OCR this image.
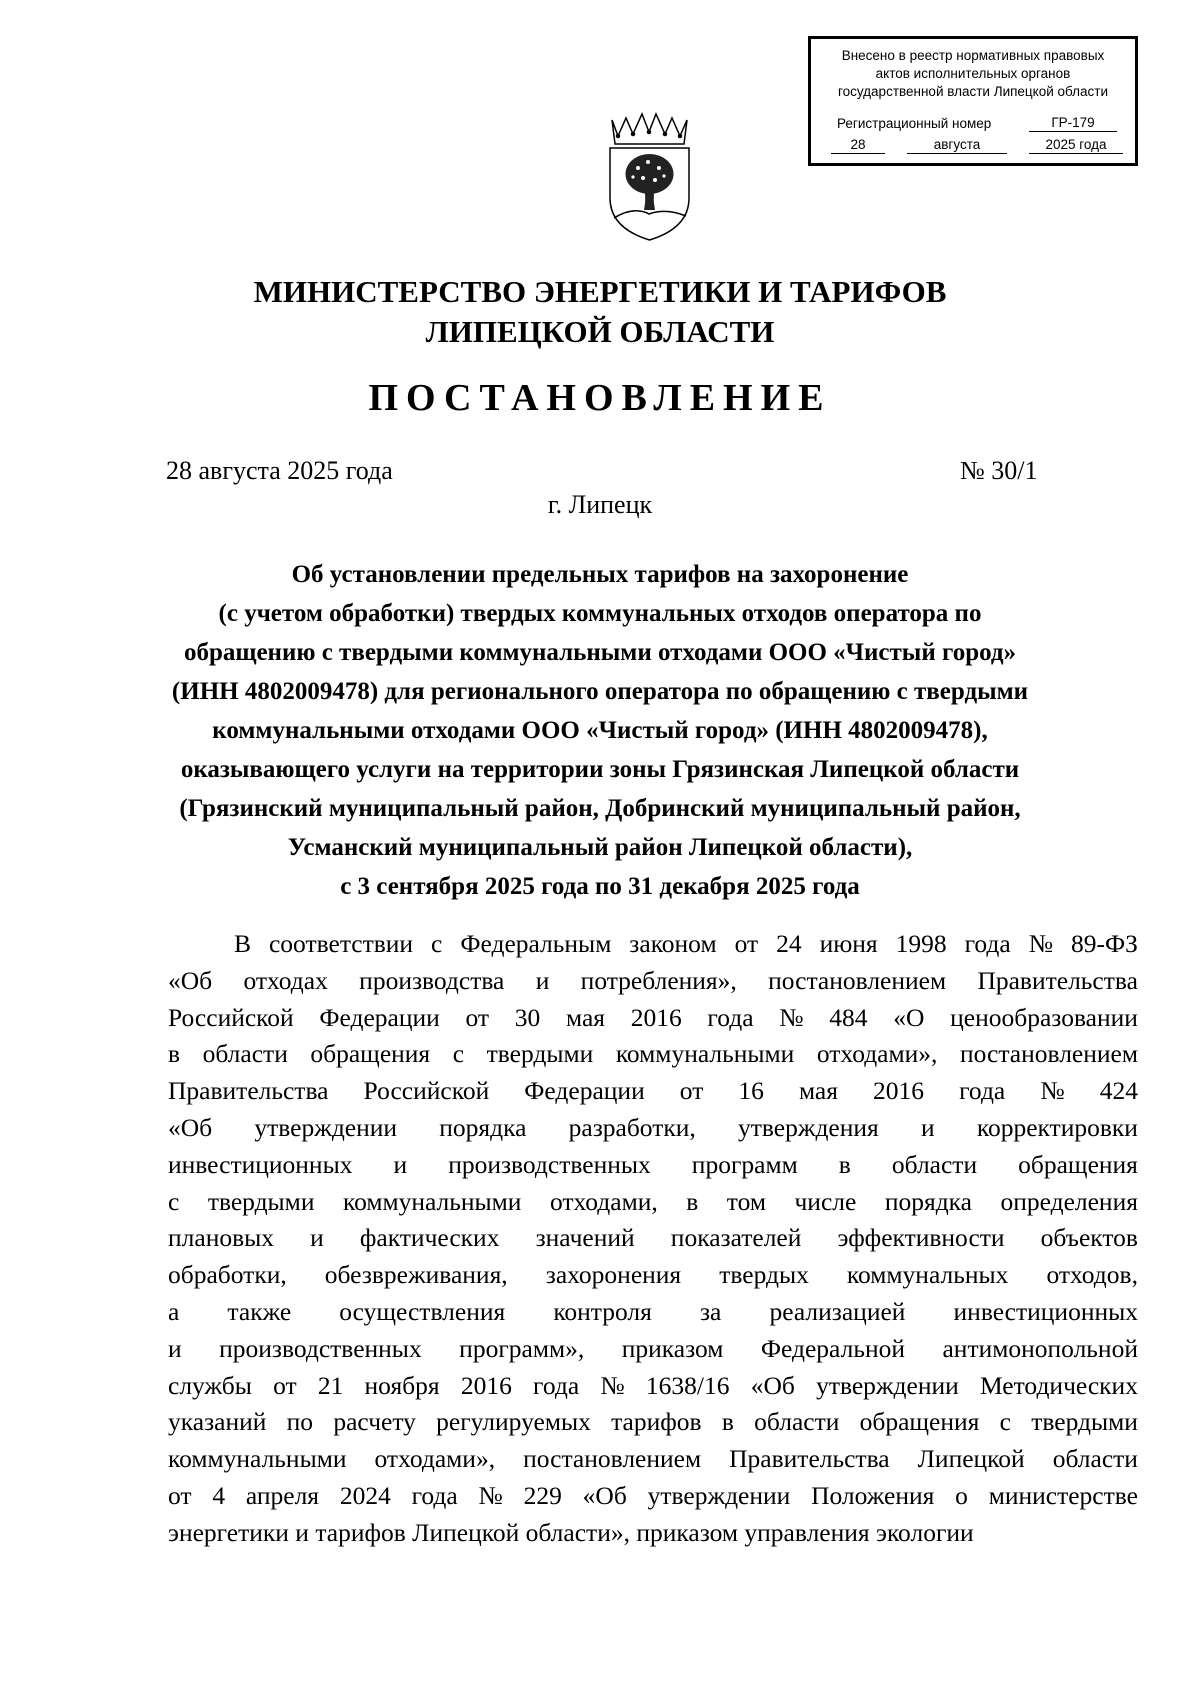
Внесено в реестр нормативных правовых
актов исполнительных органов
государственной власти Липецкой области
Регистрационный номер	ГР-179
28	августа	2025 года
МИНИСТЕРСТВО ЭНЕРГЕТИКИ И ТАРИФОВ
ЛИПЕЦКОЙ ОБЛАСТИ
ПОСТАНОВЛЕНИЕ
28 августа 2025 года	№ 30/1
г. Липецк
Об установлении предельных тарифов на захоронение
(с учетом обработки) твердых коммунальных отходов оператора по
обращению с твердыми коммунальными отходами ООО «Чистый город»
(ИНН 4802009478) для регионального оператора по обращению с твердыми
коммунальными отходами ООО «Чистый город» (ИНН 4802009478),
оказывающего услуги на территории зоны Грязинская Липецкой области
(Грязинский муниципальный район, Добринский муниципальный район,
Усманский муниципальный район Липецкой области),
с 3 сентября 2025 года по 31 декабря 2025 года
В соответствии с Федеральным законом от 24 июня 1998 года № 89-ФЗ
«Об отходах производства и потребления», постановлением Правительства
Российской Федерации от 30 мая 2016 года № 484 «О ценообразовании
в области обращения с твердыми коммунальными отходами», постановлением
Правительства Российской Федерации от 16 мая 2016 года № 424
«Об утверждении порядка разработки, утверждения и корректировки
инвестиционных и производственных программ в области обращения
с твердыми коммунальными отходами, в том числе порядка определения
плановых и фактических значений показателей эффективности объектов
обработки, обезвреживания, захоронения твердых коммунальных отходов,
а также осуществления контроля за реализацией инвестиционных
и производственных программ», приказом Федеральной антимонопольной
службы от 21 ноября 2016 года № 1638/16 «Об утверждении Методических
указаний по расчету регулируемых тарифов в области обращения с твердыми
коммунальными отходами», постановлением Правительства Липецкой области
от 4 апреля 2024 года № 229 «Об утверждении Положения о министерстве
энергетики и тарифов Липецкой области», приказом управления экологии
